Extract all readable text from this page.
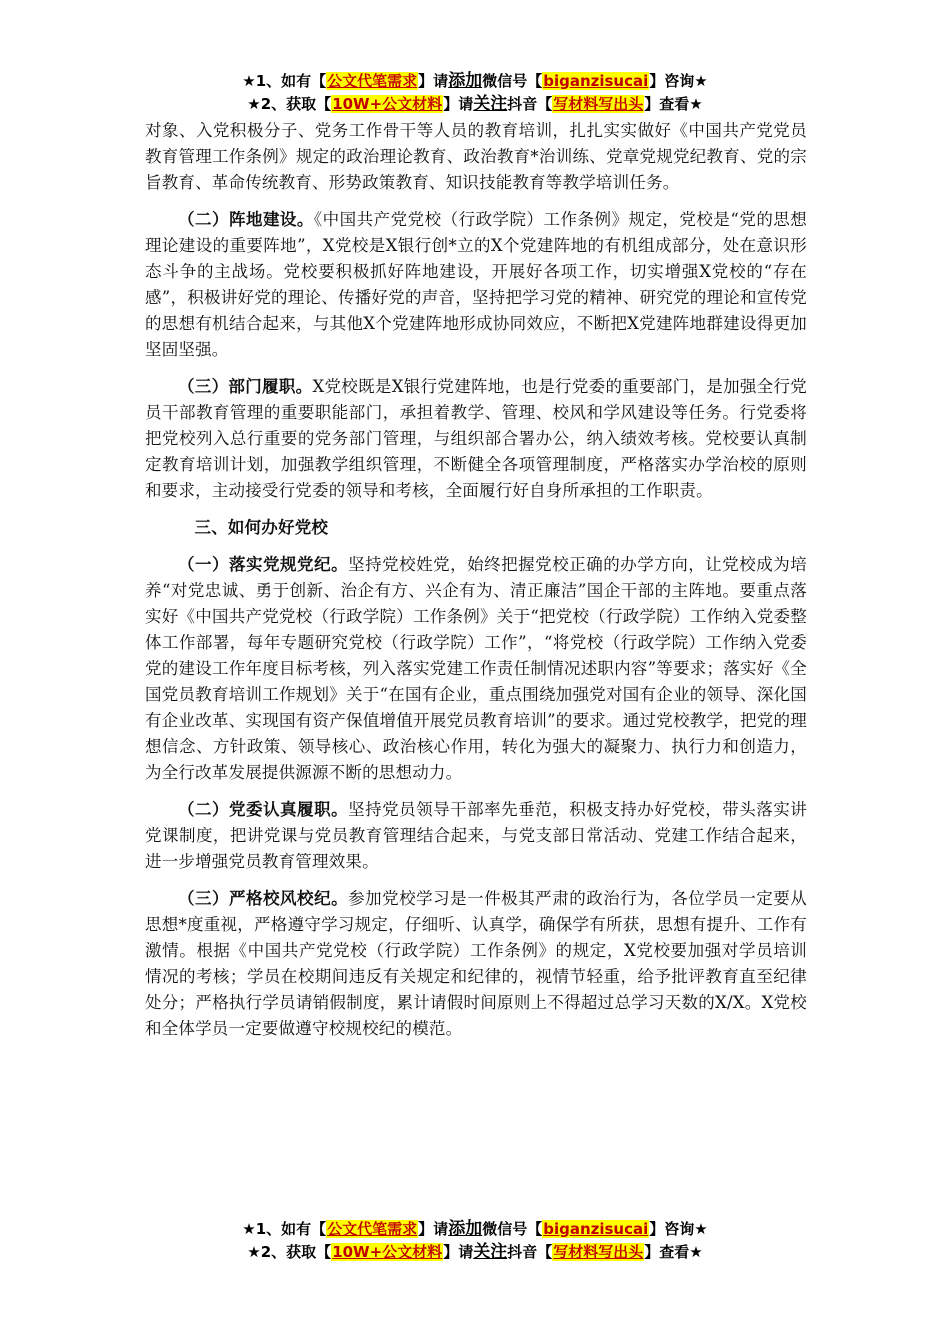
★1、如有【公文代笔需求】请添加微信号【biganzisucai】咨询★
★2、获取【10W+公文材料】请关注抖音【写材料写出头】查看★

对象、入党积极分子、党务工作骨干等人员的教育培训，扎扎实实做好《中国共产党党员教育管理工作条例》规定的政治理论教育、政治教育*治训练、党章党规党纪教育、党的宗旨教育、革命传统教育、形势政策教育、知识技能教育等教学培训任务。

（二）阵地建设。《中国共产党党校（行政学院）工作条例》规定，党校是“党的思想理论建设的重要阵地”，X党校是X银行创*立的X个党建阵地的有机组成部分，处在意识形态斗争的主战场。党校要积极抓好阵地建设，开展好各项工作，切实增强X党校的“存在感”，积极讲好党的理论、传播好党的声音，坚持把学习党的精神、研究党的理论和宣传党的思想有机结合起来，与其他X个党建阵地形成协同效应，不断把X党建阵地群建设得更加坚固坚强。

（三）部门履职。X党校既是X银行党建阵地，也是行党委的重要部门，是加强全行党员干部教育管理的重要职能部门，承担着教学、管理、校风和学风建设等任务。行党委将把党校列入总行重要的党务部门管理，与组织部合署办公，纳入绩效考核。党校要认真制定教育培训计划，加强教学组织管理，不断健全各项管理制度，严格落实办学治校的原则和要求，主动接受行党委的领导和考核，全面履行好自身所承担的工作职责。

三、如何办好党校

（一）落实党规党纪。坚持党校姓党，始终把握党校正确的办学方向，让党校成为培养“对党忠诚、勇于创新、治企有方、兴企有为、清正廉洁”国企干部的主阵地。要重点落实好《中国共产党党校（行政学院）工作条例》关于“把党校（行政学院）工作纳入党委整体工作部署，每年专题研究党校（行政学院）工作”，“将党校（行政学院）工作纳入党委党的建设工作年度目标考核，列入落实党建工作责任制情况述职内容”等要求；落实好《全国党员教育培训工作规划》关于“在国有企业，重点围绕加强党对国有企业的领导、深化国有企业改革、实现国有资产保值增值开展党员教育培训”的要求。通过党校教学，把党的理想信念、方针政策、领导核心、政治核心作用，转化为强大的凝聚力、执行力和创造力，为全行改革发展提供源源不断的思想动力。

（二）党委认真履职。坚持党员领导干部率先垂范，积极支持办好党校，带头落实讲党课制度，把讲党课与党员教育管理结合起来，与党支部日常活动、党建工作结合起来，进一步增强党员教育管理效果。

（三）严格校风校纪。参加党校学习是一件极其严肃的政治行为，各位学员一定要从思想*度重视，严格遵守学习规定，仔细听、认真学，确保学有所获，思想有提升、工作有激情。根据《中国共产党党校（行政学院）工作条例》的规定，X党校要加强对学员培训情况的考核；学员在校期间违反有关规定和纪律的，视情节轻重，给予批评教育直至纪律处分；严格执行学员请销假制度，累计请假时间原则上不得超过总学习天数的X/X。X党校和全体学员一定要做遵守校规校纪的模范。

★1、如有【公文代笔需求】请添加微信号【biganzisucai】咨询★
★2、获取【10W+公文材料】请关注抖音【写材料写出头】查看★
